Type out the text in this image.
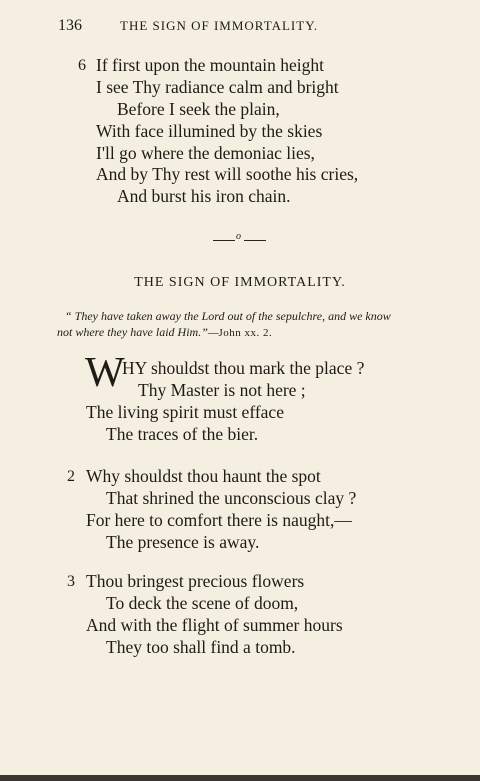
136	THE SIGN OF IMMORTALITY.
6 If first upon the mountain height
I see Thy radiance calm and bright
Before I seek the plain,
With face illumined by the skies
I'll go where the demoniac lies,
And by Thy rest will soothe his cries,
And burst his iron chain.
o
THE SIGN OF IMMORTALITY.
“ They have taken away the Lord out of the sepulchre, and we know
not where they have laid Him.”—John xx. 2.
W
HY shouldst thou mark the place ?
Thy Master is not here ;
The living spirit must efface
The traces of the bier.
2 Why shouldst thou haunt the spot
That shrined the unconscious clay ?
For here to comfort there is naught,—
The presence is away.
3 Thou bringest precious flowers
To deck the scene of doom,
And with the flight of summer hours
They too shall find a tomb.
